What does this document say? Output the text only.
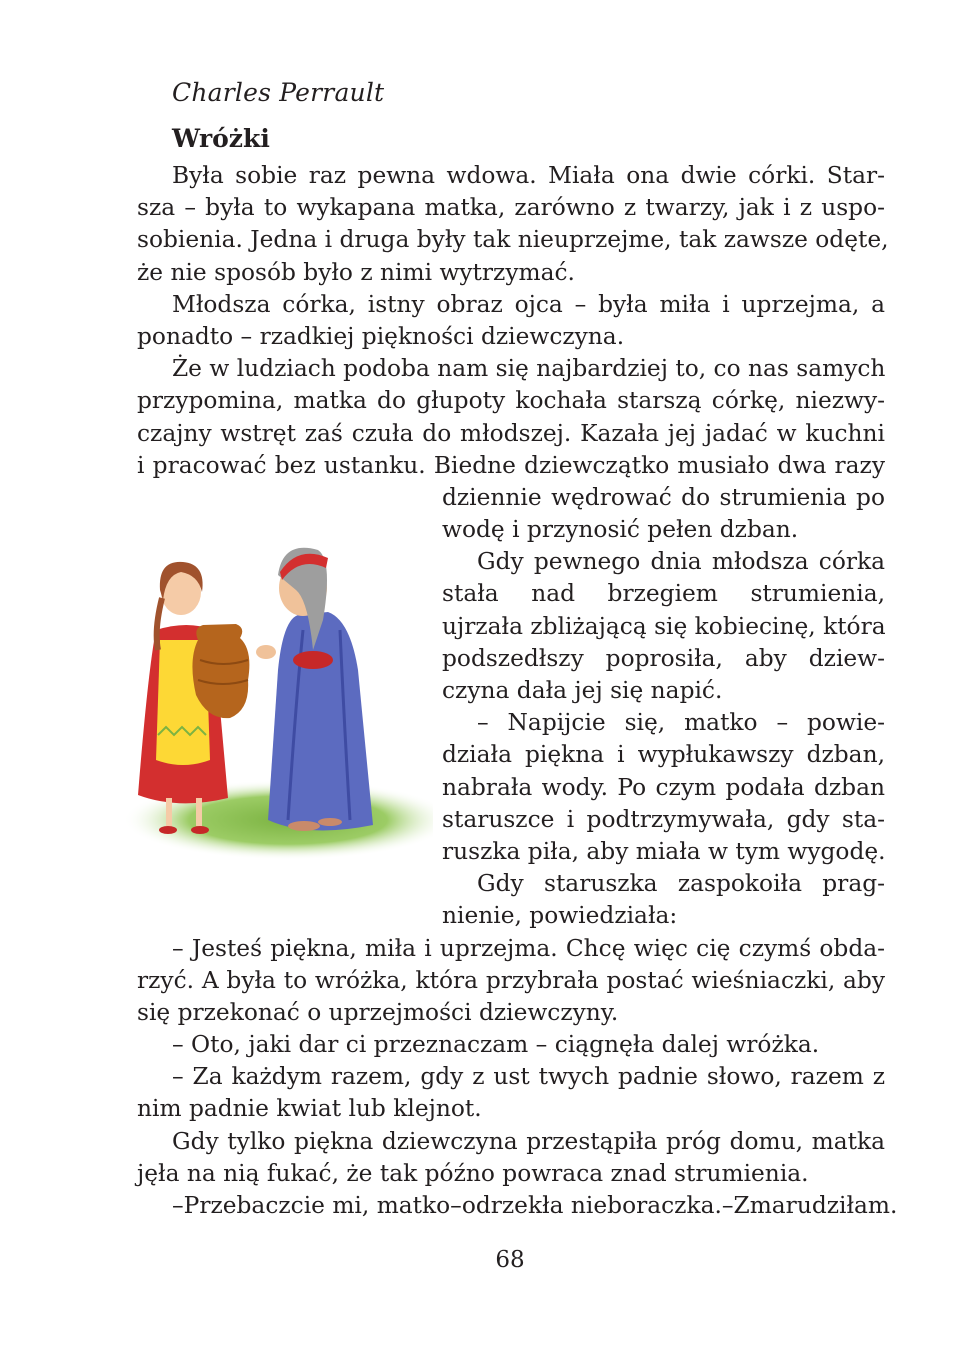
Charles Perrault
Wróżki
Była sobie raz pewna wdowa. Miała ona dwie córki. Star-
sza – była to wykapana matka, zarówno z twarzy, jak i z uspo-
sobienia. Jedna i druga były tak nieuprzejme, tak zawsze odęte,
że nie sposób było z nimi wytrzymać.
Młodsza córka, istny obraz ojca – była miła i uprzejma, a
ponadto – rzadkiej piękności dziewczyna.
Że w ludziach podoba nam się najbardziej to, co nas samych
przypomina, matka do głupoty kochała starszą córkę, niezwy-
czajny wstręt zaś czuła do młodszej. Kazała jej jadać w kuchni
i pracować bez ustanku. Biedne dziewczątko musiało dwa razy
dziennie wędrować do strumienia po
wodę i przynosić pełen dzban.
Gdy pewnego dnia młodsza córka
stała nad brzegiem strumienia,
ujrzała zbliżającą się kobiecinę, która
podszedłszy poprosiła, aby dziew-
czyna dała jej się napić.
– Napijcie się, matko – powie-
działa piękna i wypłukawszy dzban,
nabrała wody. Po czym podała dzban
staruszce i podtrzymywała, gdy sta-
ruszka piła, aby miała w tym wygodę.
Gdy staruszka zaspokoiła prag-
nienie, powiedziała:
– Jesteś piękna, miła i uprzejma. Chcę więc cię czymś obda-
rzyć. A była to wróżka, która przybrała postać wieśniaczki, aby
się przekonać o uprzejmości dziewczyny.
– Oto, jaki dar ci przeznaczam – ciągnęła dalej wróżka.
– Za każdym razem, gdy z ust twych padnie słowo, razem z
nim padnie kwiat lub klejnot.
Gdy tylko piękna dziewczyna przestąpiła próg domu, matka
jęła na nią fukać, że tak późno powraca znad strumienia.
–Przebaczcie mi, matko–odrzekła nieboraczka.–Zmarudziłam.
68
